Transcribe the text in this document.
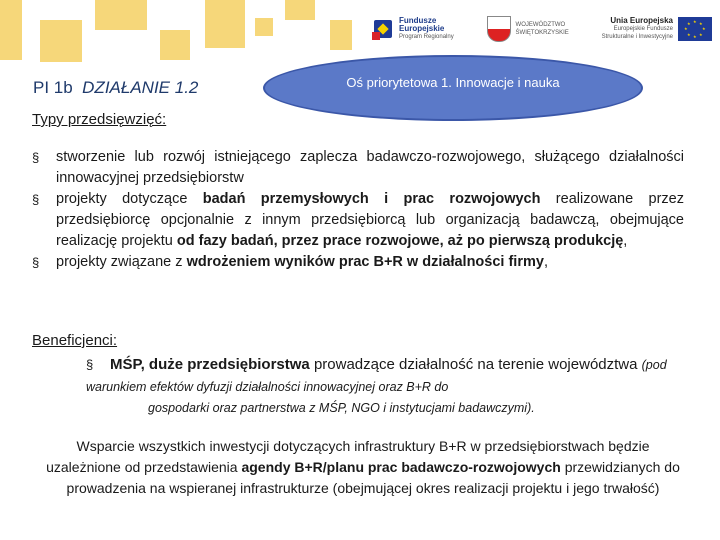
Fundusze
Europejskie
Program Regionalny
WOJEWÓDZTWO
ŚWIĘTOKRZYSKIE
Unia Europejska
Europejskie Fundusze
Strukturalne i Inwestycyjne
★ ★
★
★
★
★
★
★
PI 1b DZIAŁANIE 1.2	Oś priorytetowa 1. Innowacje i nauka
Typy przedsięwzięć:
§ stworzenie lub rozwój istniejącego zaplecza badawczo-rozwojowego, służącego działalności innowacyjnej przedsiębiorstw
§ projekty dotyczące badań przemysłowych i prac rozwojowych realizowane przez przedsiębiorcę opcjonalnie z innym przedsiębiorcą lub organizacją badawczą, obejmujące realizację projektu od fazy badań, przez prace rozwojowe, aż po pierwszą produkcję,
§ projekty związane z wdrożeniem wyników prac B+R w działalności firmy,
Beneficjenci:
§ MŚP, duże przedsiębiorstwa prowadzące działalność na terenie województwa (pod warunkiem efektów dyfuzji działalności innowacyjnej oraz B+R do
gospodarki oraz partnerstwa z MŚP, NGO i instytucjami badawczymi).
Wsparcie wszystkich inwestycji dotyczących infrastruktury B+R w przedsiębiorstwach będzie uzależnione od przedstawienia agendy B+R/planu prac badawczo-rozwojowych przewidzianych do prowadzenia na wspieranej infrastrukturze (obejmującej okres realizacji projektu i jego trwałość)
